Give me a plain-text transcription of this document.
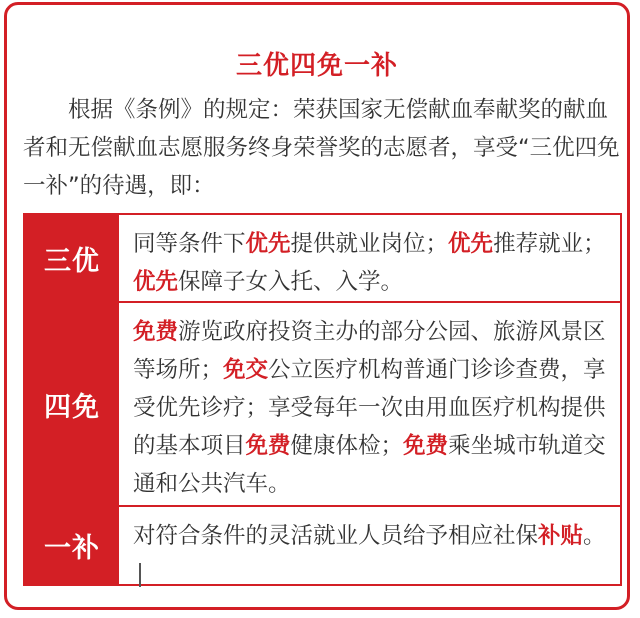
三优四免一补
根据《条例》的规定：荣获国家无偿献血奉献奖的献血者和无偿献血志愿服务终身荣誉奖的志愿者，享受“三优四免一补”的待遇，即：
三优
同等条件下优先提供就业岗位；优先推荐就业；优先保障子女入托、入学。
四免
免费游览政府投资主办的部分公园、旅游风景区等场所；免交公立医疗机构普通门诊诊查费，享受优先诊疗；享受每年一次由用血医疗机构提供的基本项目免费健康体检；免费乘坐城市轨道交通和公共汽车。
一补	对符合条件的灵活就业人员给予相应社保补贴。
